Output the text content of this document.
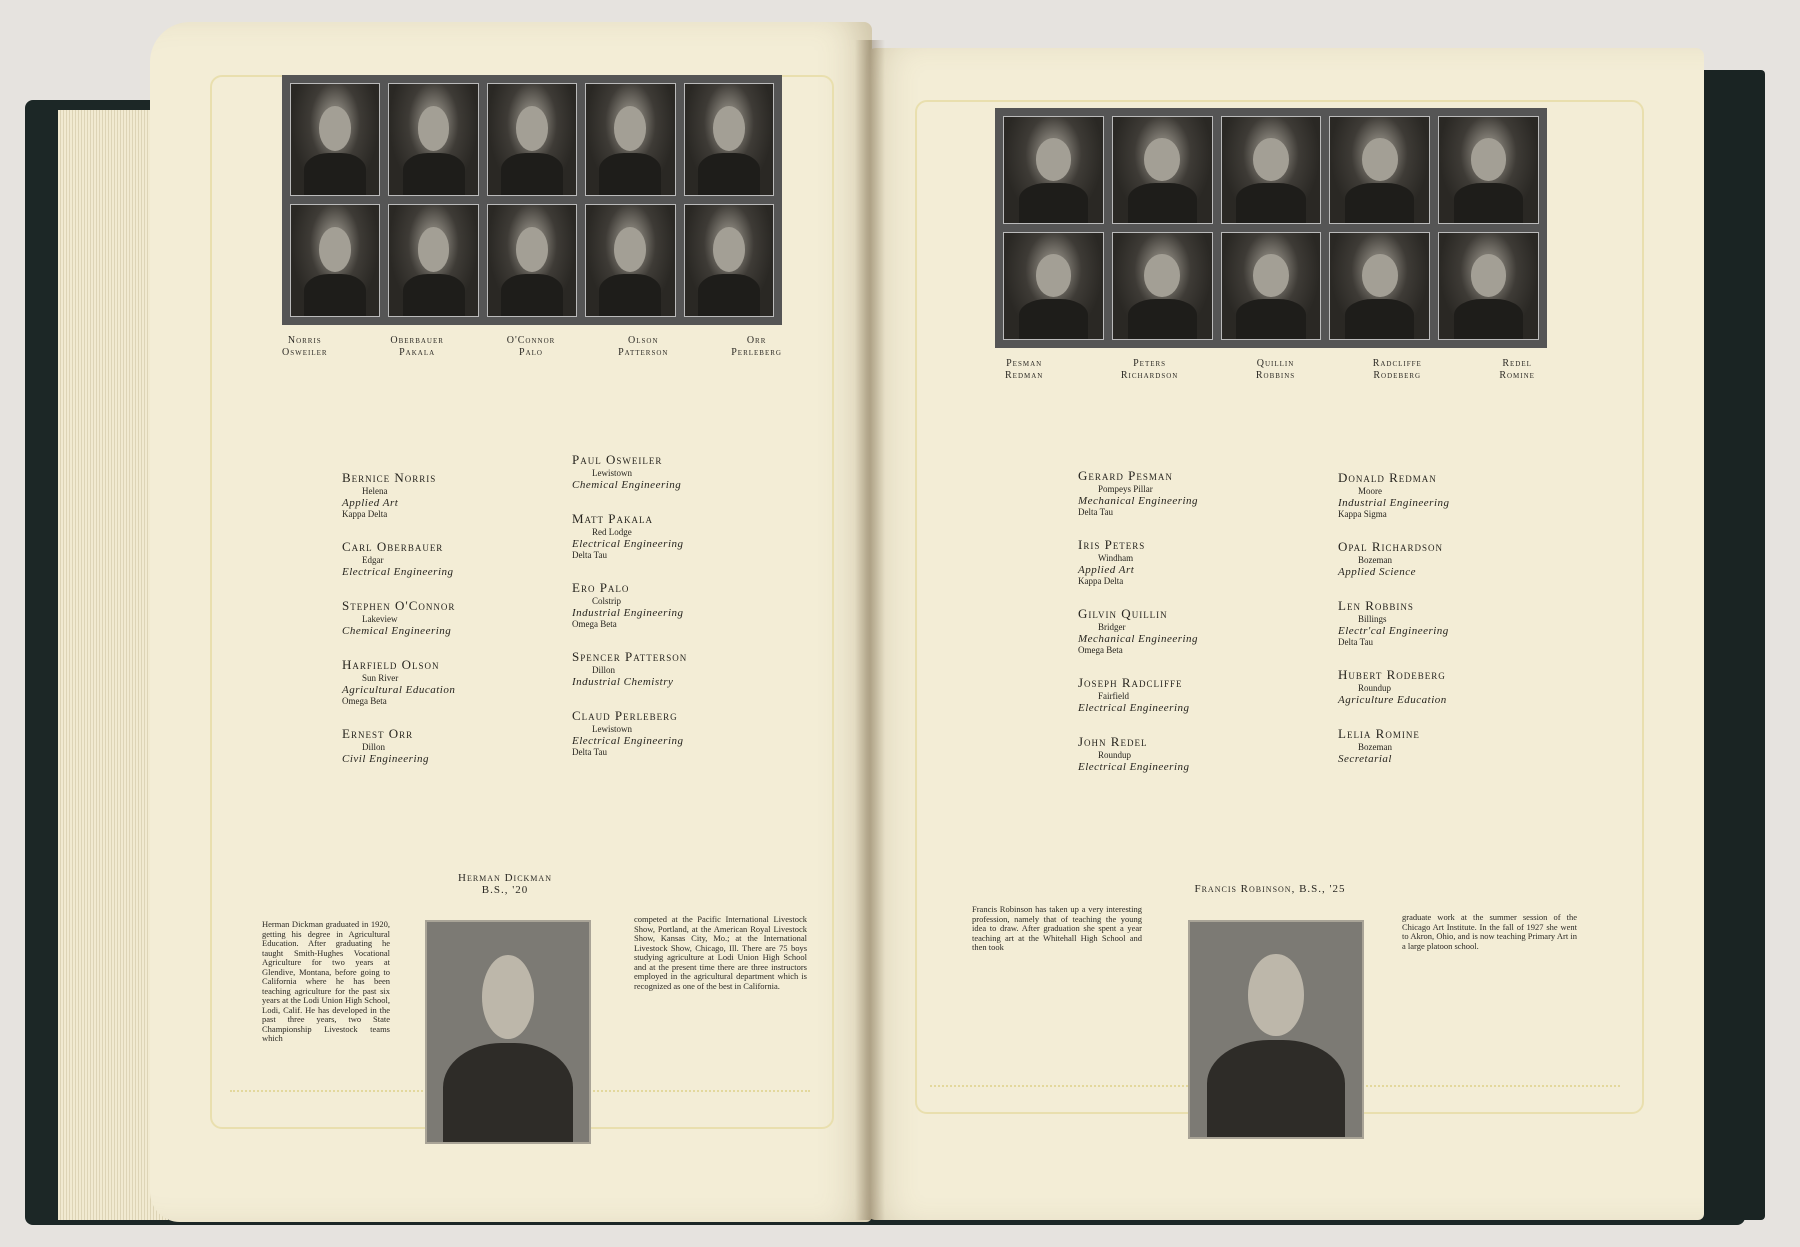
Norris
Osweiler
Oberbauer
Pakala
O'Connor
Palo
Olson
Patterson
Orr
Perleberg
Bernice Norris
Helena
Applied Art
Kappa Delta
Carl Oberbauer
Edgar
Electrical Engineering
Stephen O'Connor
Lakeview
Chemical Engineering
Harfield Olson
Sun River
Agricultural Education
Omega Beta
Ernest Orr
Dillon
Civil Engineering
Paul Osweiler
Lewistown
Chemical Engineering
Matt Pakala
Red Lodge
Electrical Engineering
Delta Tau
Ero Palo
Colstrip
Industrial Engineering
Omega Beta
Spencer Patterson
Dillon
Industrial Chemistry
Claud Perleberg
Lewistown
Electrical Engineering
Delta Tau
Herman Dickman
B.S., '20
Herman Dickman graduated in 1920, getting his degree in Agricultural Education. After graduating he taught Smith-Hughes Vocational Agriculture for two years at Glendive, Montana, before going to California where he has been teaching agriculture for the past six years at the Lodi Union High School, Lodi, Calif. He has developed in the past three years, two State Championship Livestock teams which
competed at the Pacific International Livestock Show, Portland, at the American Royal Livestock Show, Kansas City, Mo.; at the International Livestock Show, Chicago, Ill. There are 75 boys studying agriculture at Lodi Union High School and at the present time there are three instructors employed in the agricultural department which is recognized as one of the best in California.
Pesman
Redman
Peters
Richardson
Quillin
Robbins
Radcliffe
Rodeberg
Redel
Romine
Gerard Pesman
Pompeys Pillar
Mechanical Engineering
Delta Tau
Iris Peters
Windham
Applied Art
Kappa Delta
Gilvin Quillin
Bridger
Mechanical Engineering
Omega Beta
Joseph Radcliffe
Fairfield
Electrical Engineering
John Redel
Roundup
Electrical Engineering
Donald Redman
Moore
Industrial Engineering
Kappa Sigma
Opal Richardson
Bozeman
Applied Science
Len Robbins
Billings
Electr'cal Engineering
Delta Tau
Hubert Rodeberg
Roundup
Agriculture Education
Lelia Romine
Bozeman
Secretarial
Francis Robinson, B.S., '25
Francis Robinson has taken up a very interesting profession, namely that of teaching the young idea to draw. After graduation she spent a year teaching art at the Whitehall High School and then took
graduate work at the summer session of the Chicago Art Institute. In the fall of 1927 she went to Akron, Ohio, and is now teaching Primary Art in a large platoon school.
